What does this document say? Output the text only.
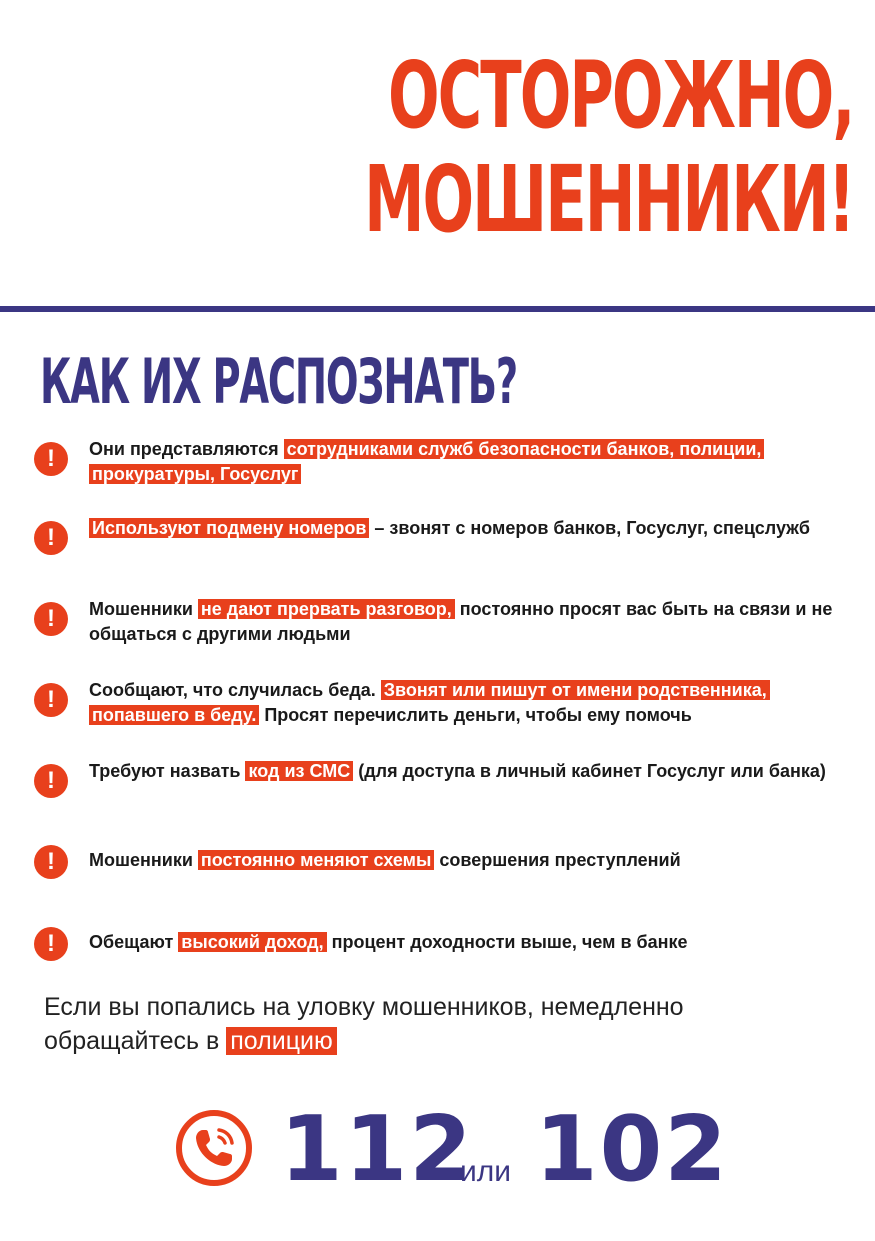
ОСТОРОЖНО,
МОШЕННИКИ!
КАК ИХ РАСПОЗНАТЬ?
!	Они представляются сотрудниками служб безопасности банков, полиции, прокуратуры, Госуслуг
!	Используют подмену номеров – звонят с номеров банков, Госуслуг, спецслужб
!	Мошенники не дают прервать разговор, постоянно просят вас быть на связи и не общаться с другими людьми
!	Сообщают, что случилась беда. Звонят или пишут от имени родственника, попавшего в беду. Просят перечислить деньги, чтобы ему помочь
!	Требуют назвать код из СМС (для доступа в личный кабинет Госуслуг или банка)
!	Мошенники постоянно меняют схемы совершения преступлений
!	Обещают высокий доход, процент доходности выше, чем в банке
Если вы попались на уловку мошенников, немедленно обращайтесь в полицию
112
или 102
